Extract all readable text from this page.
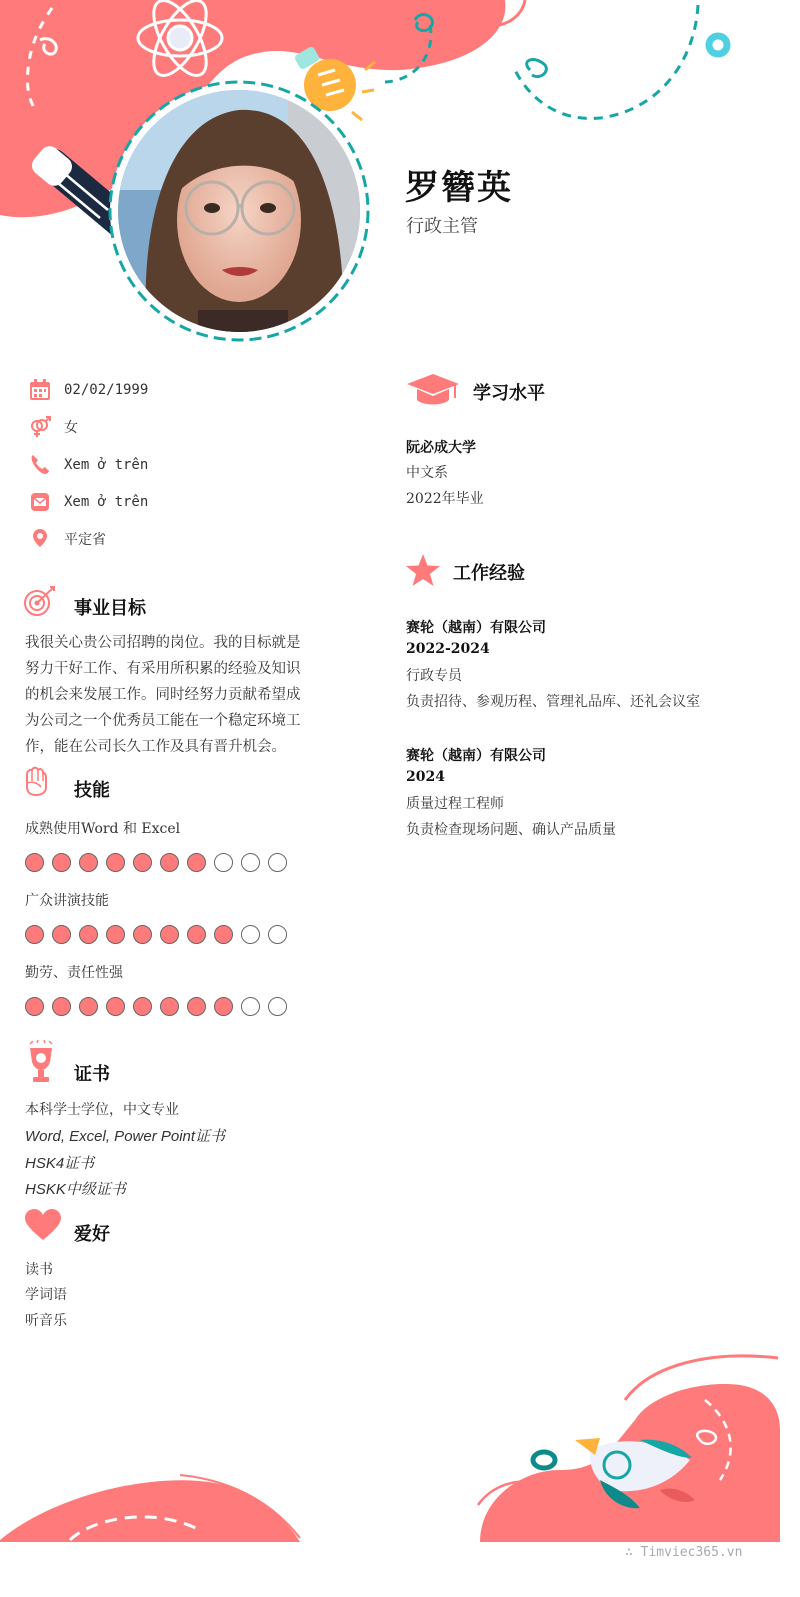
罗簪英
行政主管
02/02/1999
女
Xem ở trên
Xem ở trên
平定省
事业目标
我很关心贵公司招聘的岗位。我的目标就是
努力干好工作、有采用所积累的经验及知识
的机会来发展工作。同时经努力贡献希望成
为公司之一个优秀员工能在一个稳定环境工
作，能在公司长久工作及具有晋升机会。
技能
成熟使用Word 和 Excel
广众讲演技能
勤劳、责任性强
证书
本科学士学位，中文专业
Word, Excel, Power Point证书
HSK4证书
HSKK中级证书
爱好
读书
学词语
听音乐
学习水平
阮必成大学
中文系
2022年毕业
工作经验
赛轮（越南）有限公司
2022-2024
行政专员
负责招待、参观历程、管理礼品库、还礼会议室
赛轮（越南）有限公司
2024
质量过程工程师
负责检查现场问题、确认产品质量
∴ Timviec365.vn
